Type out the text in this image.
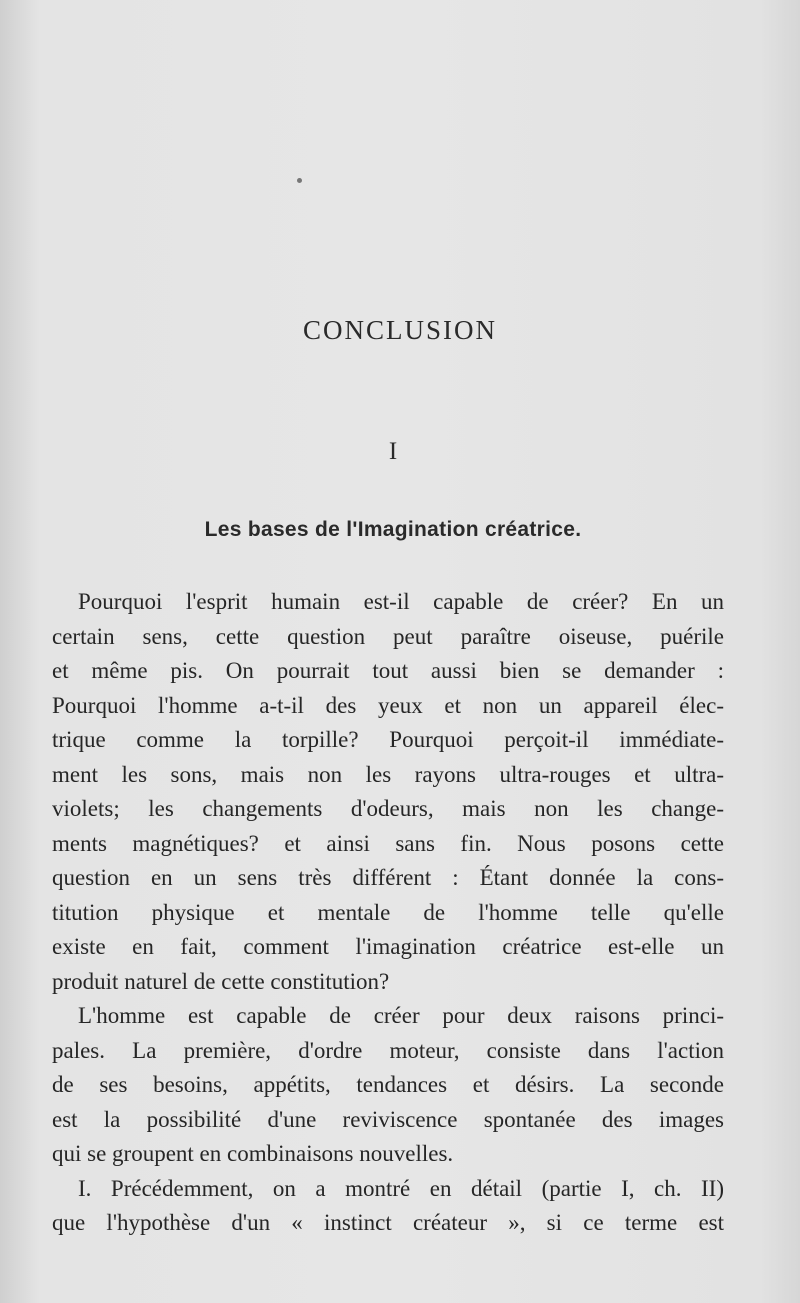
CONCLUSION
I
Les bases de l'Imagination créatrice.
Pourquoi l'esprit humain est-il capable de créer? En un
certain sens, cette question peut paraître oiseuse, puérile
et même pis. On pourrait tout aussi bien se demander :
Pourquoi l'homme a-t-il des yeux et non un appareil élec-
trique comme la torpille? Pourquoi perçoit-il immédiate-
ment les sons, mais non les rayons ultra-rouges et ultra-
violets; les changements d'odeurs, mais non les change-
ments magnétiques? et ainsi sans fin. Nous posons cette
question en un sens très différent : Étant donnée la cons-
titution physique et mentale de l'homme telle qu'elle
existe en fait, comment l'imagination créatrice est-elle un
produit naturel de cette constitution?
L'homme est capable de créer pour deux raisons princi-
pales. La première, d'ordre moteur, consiste dans l'action
de ses besoins, appétits, tendances et désirs. La seconde
est la possibilité d'une reviviscence spontanée des images
qui se groupent en combinaisons nouvelles.
I. Précédemment, on a montré en détail (partie I, ch. II)
que l'hypothèse d'un « instinct créateur », si ce terme est
